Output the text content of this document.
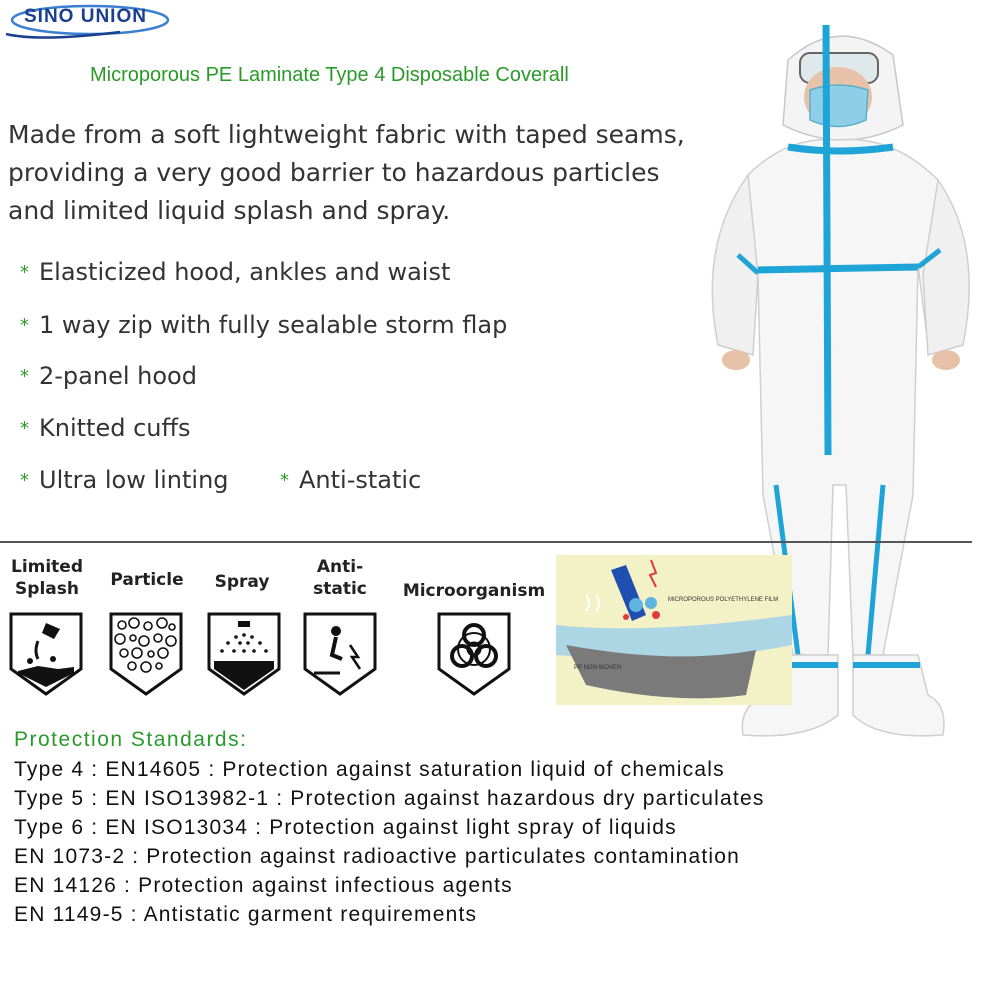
SINO UNION
Microporous PE Laminate Type 4 Disposable Coverall
Made from a soft lightweight fabric with taped seams, providing a very good barrier to hazardous particles and limited liquid splash and spray.
* Elasticized hood, ankles and waist
* 1 way zip with fully sealable storm flap
* 2-panel hood
* Knitted cuffs
* Ultra low linting	* Anti-static
Limited
Splash	Particle	Spray
Anti-
static	Microorganism	MICROPOROUS POLYETHYLENE FILM
PP NON WOVEN
Protection Standards:
Type 4 : EN14605 : Protection against saturation liquid of chemicals
Type 5 : EN ISO13982-1 : Protection against hazardous dry particulates
Type 6 : EN ISO13034 : Protection against light spray of liquids
EN 1073-2 : Protection against radioactive particulates contamination
EN 14126 : Protection against infectious agents
EN 1149-5 : Antistatic garment requirements
